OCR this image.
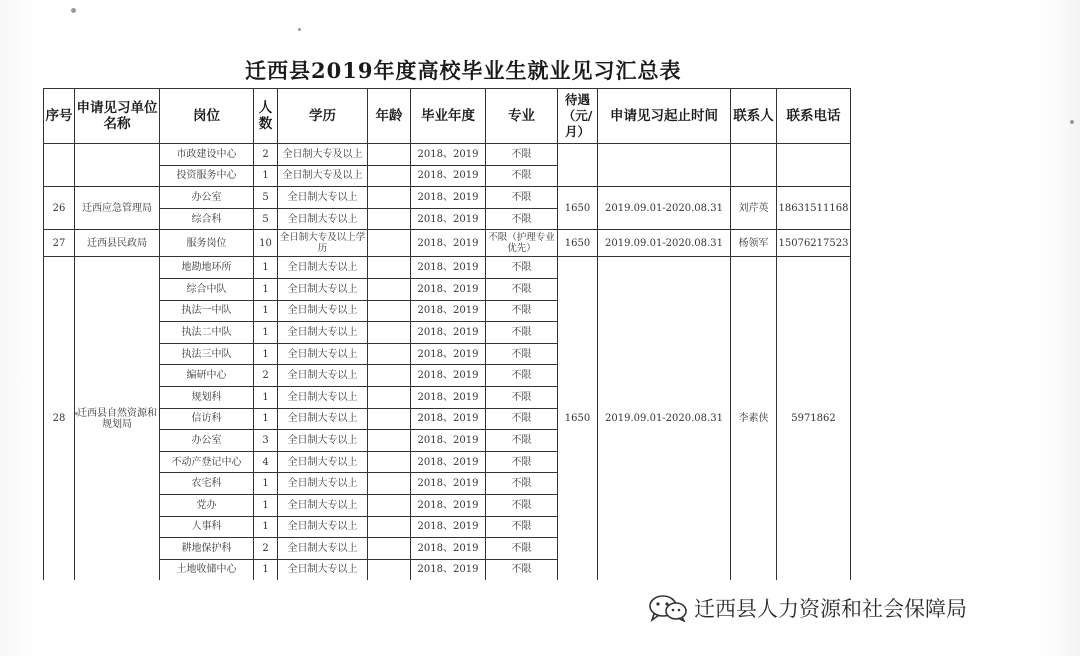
迁西县2019年度高校毕业生就业见习汇总表
序号	申请见习单位名称	岗位	人数	学历	年龄	毕业年度	专业	待遇（元/月）	申请见习起止时间	联系人	联系电话
		市政建设中心	2	全日制大专及以上		2018、2019	不限				
		投资服务中心	1	全日制大专及以上		2018、2019	不限				
26	迁西应急管理局	办公室	5	全日制大专以上		2018、2019	不限	1650	2019.09.01-2020.08.31	刘芹英	18631511168
		综合科	5	全日制大专以上		2018、2019	不限				
27	迁西县民政局	服务岗位	10	全日制大专及以上学历		2018、2019	不限（护理专业优先）	1650	2019.09.01-2020.08.31	杨领军	15076217523
28	迁西县自然资源和规划局	地勘地环所	1	全日制大专以上		2018、2019	不限	1650	2019.09.01-2020.08.31	李素侠	5971862
		综合中队	1	全日制大专以上		2018、2019	不限				
		执法一中队	1	全日制大专以上		2018、2019	不限				
		执法二中队	1	全日制大专以上		2018、2019	不限				
		执法三中队	1	全日制大专以上		2018、2019	不限				
		编研中心	2	全日制大专以上		2018、2019	不限				
		规划科	1	全日制大专以上		2018、2019	不限				
		信访科	1	全日制大专以上		2018、2019	不限				
		办公室	3	全日制大专以上		2018、2019	不限				
		不动产登记中心	4	全日制大专以上		2018、2019	不限				
		农宅科	1	全日制大专以上		2018、2019	不限				
		党办	1	全日制大专以上		2018、2019	不限				
		人事科	1	全日制大专以上		2018、2019	不限				
		耕地保护科	2	全日制大专以上		2018、2019	不限				
		土地收储中心	1	全日制大专以上		2018、2019	不限				
迁西县人力资源和社会保障局
